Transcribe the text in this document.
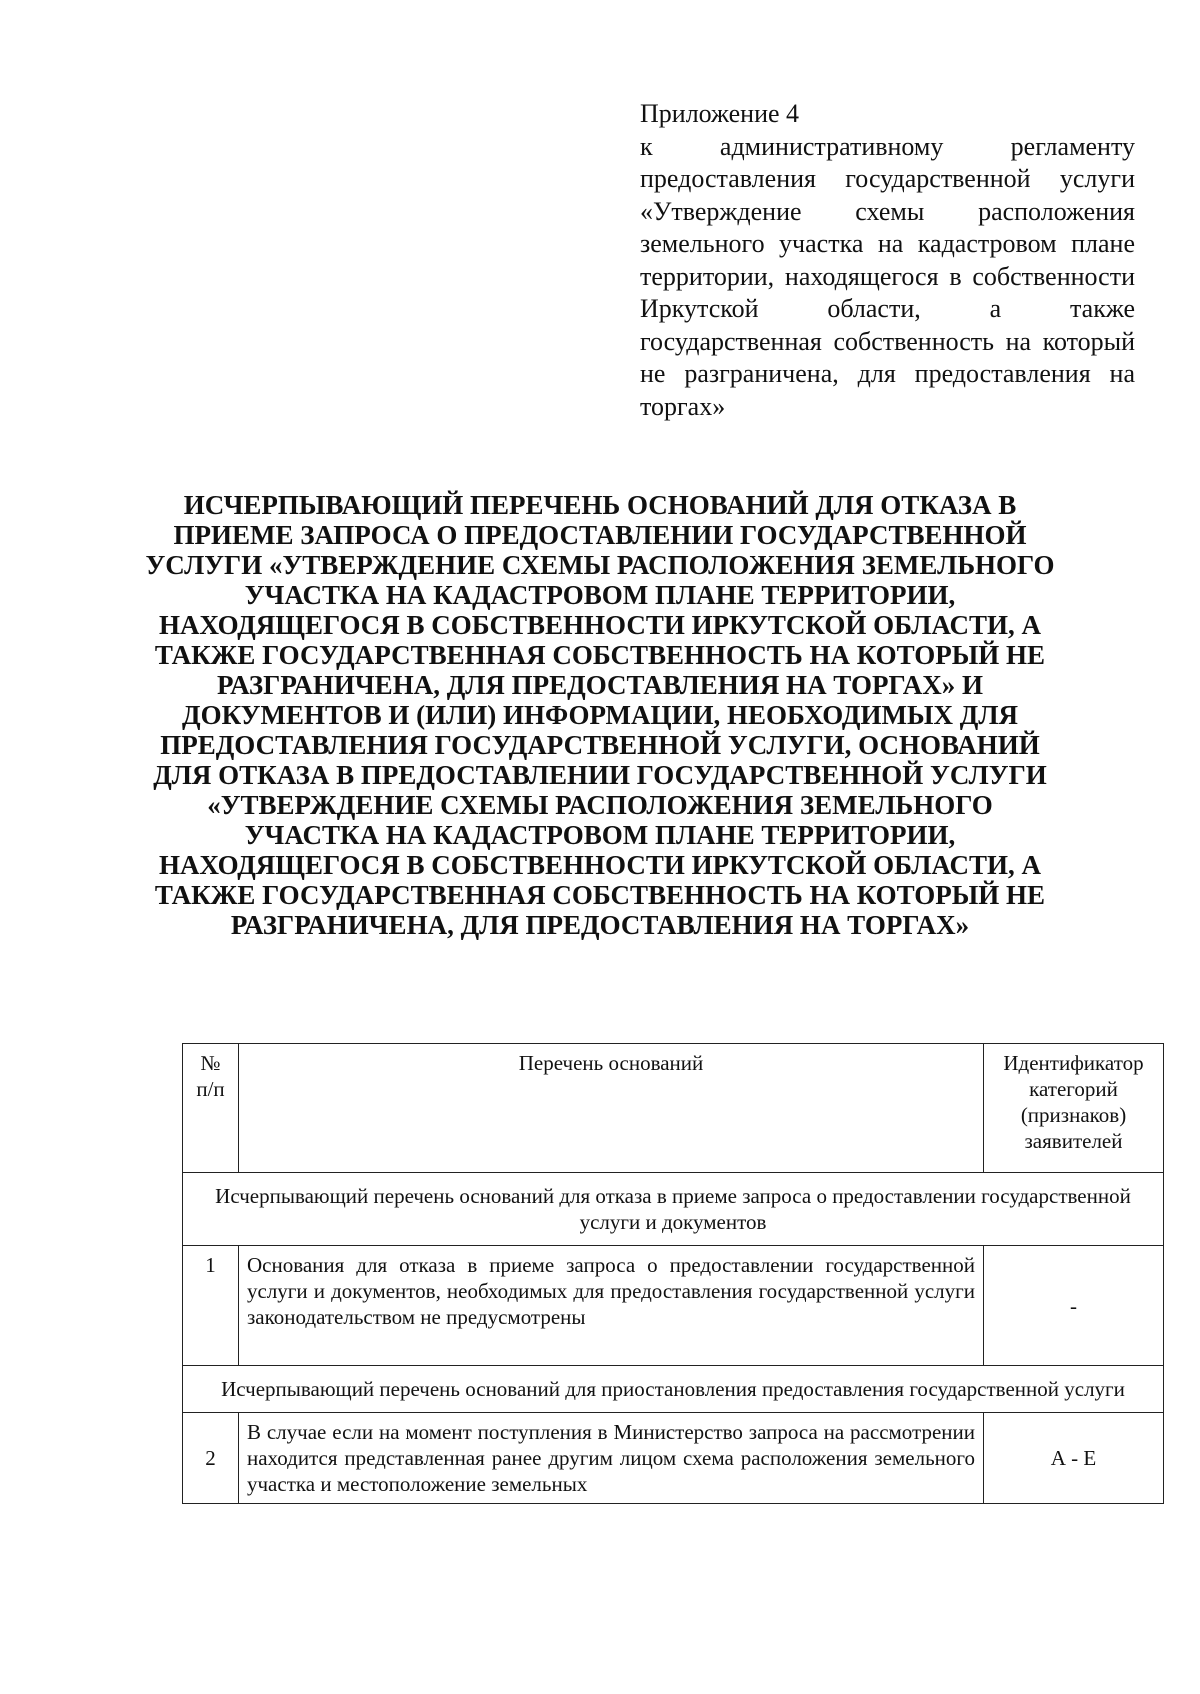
Приложение 4
к административному регламенту предоставления государственной услуги «Утверждение схемы расположения земельного участка на кадастровом плане территории, находящегося в собственности Иркутской области, а также государственная собственность на который не разграничена, для предоставления на торгах»
ИСЧЕРПЫВАЮЩИЙ ПЕРЕЧЕНЬ ОСНОВАНИЙ ДЛЯ ОТКАЗА В ПРИЕМЕ ЗАПРОСА О ПРЕДОСТАВЛЕНИИ ГОСУДАРСТВЕННОЙ УСЛУГИ «УТВЕРЖДЕНИЕ СХЕМЫ РАСПОЛОЖЕНИЯ ЗЕМЕЛЬНОГО УЧАСТКА НА КАДАСТРОВОМ ПЛАНЕ ТЕРРИТОРИИ, НАХОДЯЩЕГОСЯ В СОБСТВЕННОСТИ ИРКУТСКОЙ ОБЛАСТИ, А ТАКЖЕ ГОСУДАРСТВЕННАЯ СОБСТВЕННОСТЬ НА КОТОРЫЙ НЕ РАЗГРАНИЧЕНА, ДЛЯ ПРЕДОСТАВЛЕНИЯ НА ТОРГАХ» И ДОКУМЕНТОВ И (ИЛИ) ИНФОРМАЦИИ, НЕОБХОДИМЫХ ДЛЯ ПРЕДОСТАВЛЕНИЯ ГОСУДАРСТВЕННОЙ УСЛУГИ, ОСНОВАНИЙ ДЛЯ ОТКАЗА В ПРЕДОСТАВЛЕНИИ ГОСУДАРСТВЕННОЙ УСЛУГИ «УТВЕРЖДЕНИЕ СХЕМЫ РАСПОЛОЖЕНИЯ ЗЕМЕЛЬНОГО УЧАСТКА НА КАДАСТРОВОМ ПЛАНЕ ТЕРРИТОРИИ, НАХОДЯЩЕГОСЯ В СОБСТВЕННОСТИ ИРКУТСКОЙ ОБЛАСТИ, А ТАКЖЕ ГОСУДАРСТВЕННАЯ СОБСТВЕННОСТЬ НА КОТОРЫЙ НЕ РАЗГРАНИЧЕНА, ДЛЯ ПРЕДОСТАВЛЕНИЯ НА ТОРГАХ»
№ п/п	Перечень оснований	Идентификатор категорий (признаков) заявителей
Исчерпывающий перечень оснований для отказа в приеме запроса о предоставлении государственной услуги и документов		
1	Основания для отказа в приеме запроса о предоставлении государственной услуги и документов, необходимых для предоставления государственной услуги законодательством не предусмотрены	-
Исчерпывающий перечень оснований для приостановления предоставления государственной услуги		
2	В случае если на момент поступления в Министерство запроса на рассмотрении находится представленная ранее другим лицом схема расположения земельного участка и местоположение земельных	А - Е
